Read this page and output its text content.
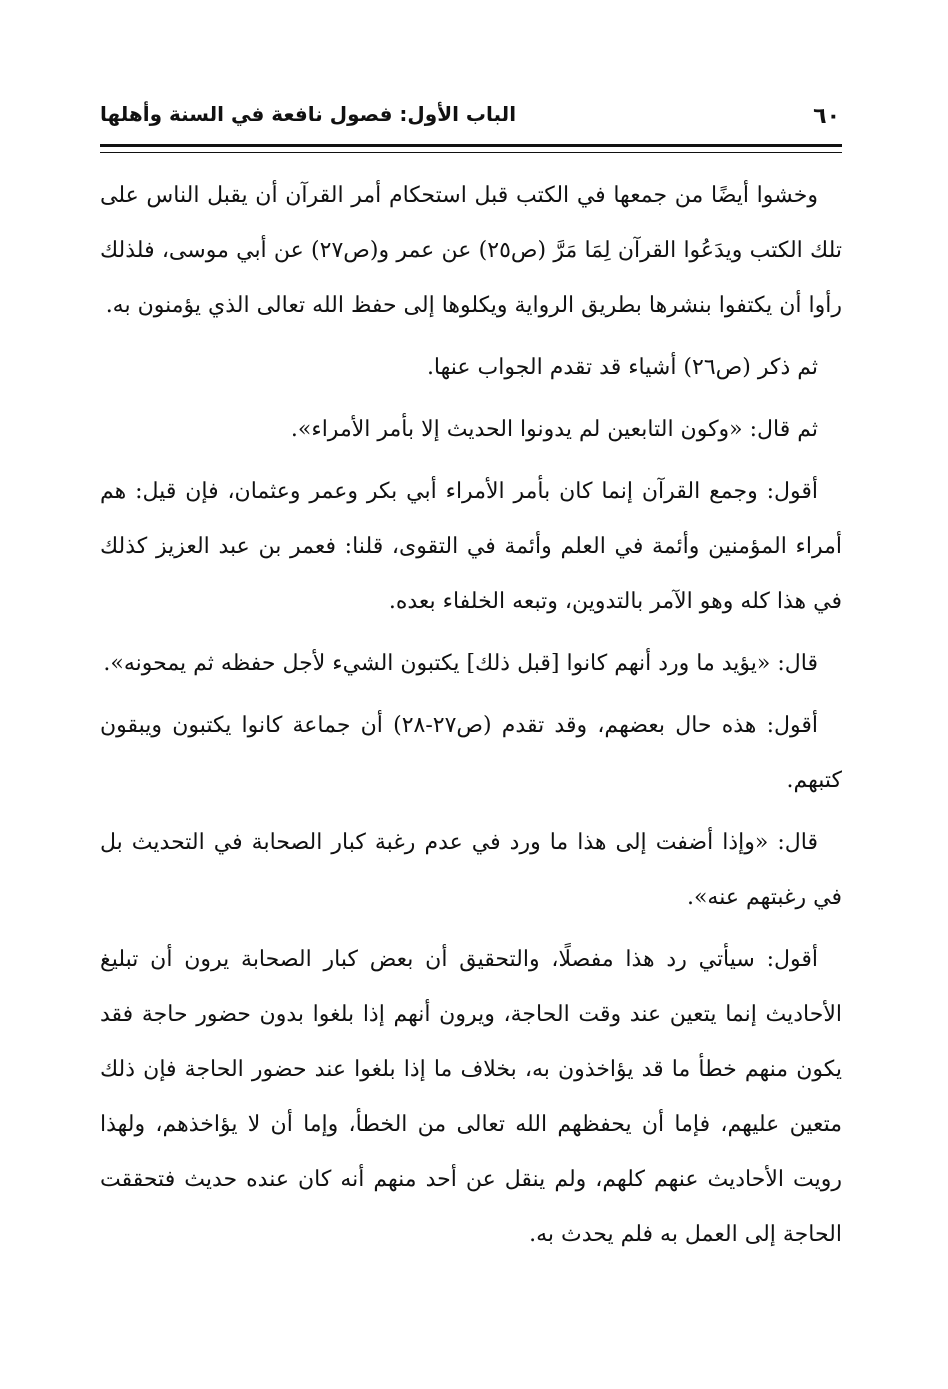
٦٠
الباب الأول: فصول نافعة في السنة وأهلها

وخشوا أيضًا من جمعها في الكتب قبل استحكام أمر القرآن أن يقبل الناس على تلك الكتب ويدَعُوا القرآن لِمَا مَرَّ (ص٢٥) عن عمر و(ص٢٧) عن أبي موسى، فلذلك رأوا أن يكتفوا بنشرها بطريق الرواية ويكلوها إلى حفظ الله تعالى الذي يؤمنون به.

ثم ذكر (ص٢٦) أشياء قد تقدم الجواب عنها.

ثم قال: «وكون التابعين لم يدونوا الحديث إلا بأمر الأمراء».

أقول: وجمع القرآن إنما كان بأمر الأمراء أبي بكر وعمر وعثمان، فإن قيل: هم أمراء المؤمنين وأئمة في العلم وأئمة في التقوى، قلنا: فعمر بن عبد العزيز كذلك في هذا كله وهو الآمر بالتدوين، وتبعه الخلفاء بعده.

قال: «يؤيد ما ورد أنهم كانوا [قبل ذلك] يكتبون الشيء لأجل حفظه ثم يمحونه».

أقول: هذه حال بعضهم، وقد تقدم (ص٢٧-٢٨) أن جماعة كانوا يكتبون ويبقون كتبهم.

قال: «وإذا أضفت إلى هذا ما ورد في عدم رغبة كبار الصحابة في التحديث بل في رغبتهم عنه».

أقول: سيأتي رد هذا مفصلًا، والتحقيق أن بعض كبار الصحابة يرون أن تبليغ الأحاديث إنما يتعين عند وقت الحاجة، ويرون أنهم إذا بلغوا بدون حضور حاجة فقد يكون منهم خطأ ما قد يؤاخذون به، بخلاف ما إذا بلغوا عند حضور الحاجة فإن ذلك متعين عليهم، فإما أن يحفظهم الله تعالى من الخطأ، وإما أن لا يؤاخذهم، ولهذا رويت الأحاديث عنهم كلهم، ولم ينقل عن أحد منهم أنه كان عنده حديث فتحققت الحاجة إلى العمل به فلم يحدث به.
